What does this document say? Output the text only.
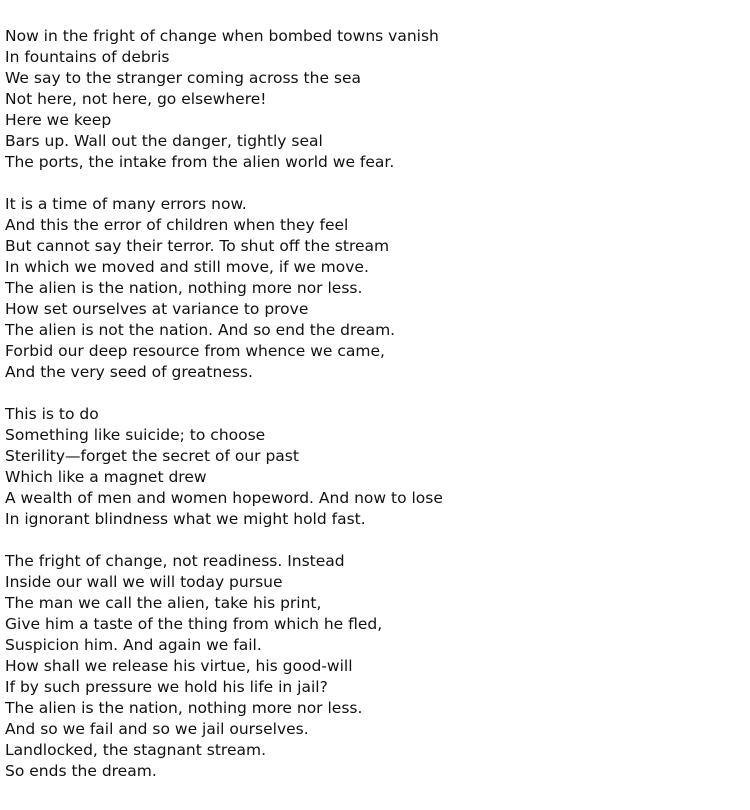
Now in the fright of change when bombed towns vanish
In fountains of debris
We say to the stranger coming across the sea
Not here, not here, go elsewhere!
Here we keep
Bars up. Wall out the danger, tightly seal
The ports, the intake from the alien world we fear.
It is a time of many errors now.
And this the error of children when they feel
But cannot say their terror. To shut off the stream
In which we moved and still move, if we move.
The alien is the nation, nothing more nor less.
How set ourselves at variance to prove
The alien is not the nation. And so end the dream.
Forbid our deep resource from whence we came,
And the very seed of greatness.
This is to do
Something like suicide; to choose
Sterility—forget the secret of our past
Which like a magnet drew
A wealth of men and women hopeword. And now to lose
In ignorant blindness what we might hold fast.
The fright of change, not readiness. Instead
Inside our wall we will today pursue
The man we call the alien, take his print,
Give him a taste of the thing from which he fled,
Suspicion him. And again we fail.
How shall we release his virtue, his good-will
If by such pressure we hold his life in jail?
The alien is the nation, nothing more nor less.
And so we fail and so we jail ourselves.
Landlocked, the stagnant stream.
So ends the dream.
